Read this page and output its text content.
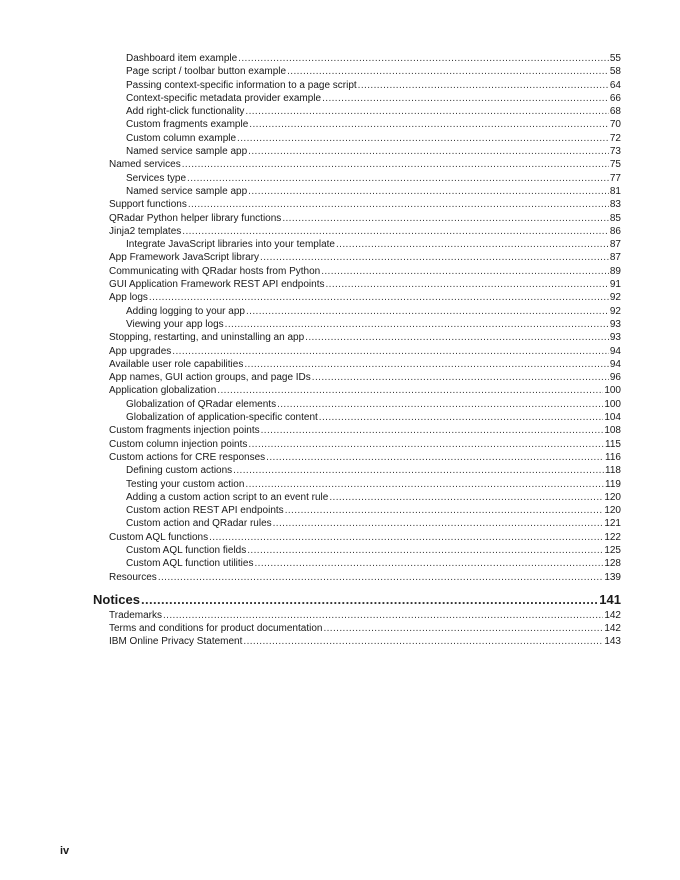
Dashboard item example .....	55
Page script / toolbar button example .....	58
Passing context-specific information to a page script .....	64
Context-specific metadata provider example .....	66
Add right-click functionality .....	68
Custom fragments example .....	70
Custom column example .....	72
Named service sample app .....	73
Named services .....	75
Services type .....	77
Named service sample app .....	81
Support functions .....	83
QRadar Python helper library functions .....	85
Jinja2 templates .....	86
Integrate JavaScript libraries into your template .....	87
App Framework JavaScript library .....	87
Communicating with QRadar hosts from Python .....	89
GUI Application Framework REST API endpoints .....	91
App logs .....	92
Adding logging to your app .....	92
Viewing your app logs .....	93
Stopping, restarting, and uninstalling an app .....	93
App upgrades .....	94
Available user role capabilities .....	94
App names, GUI action groups, and page IDs .....	96
Application globalization .....	100
Globalization of QRadar elements .....	100
Globalization of application-specific content .....	104
Custom fragments injection points .....	108
Custom column injection points .....	115
Custom actions for CRE responses .....	116
Defining custom actions .....	118
Testing your custom action .....	119
Adding a custom action script to an event rule .....	120
Custom action REST API endpoints .....	120
Custom action and QRadar rules .....	121
Custom AQL functions .....	122
Custom AQL function fields .....	125
Custom AQL function utilities .....	128
Resources .....	139
Notices .....	141
Trademarks .....	142
Terms and conditions for product documentation .....	142
IBM Online Privacy Statement .....	143
iv
